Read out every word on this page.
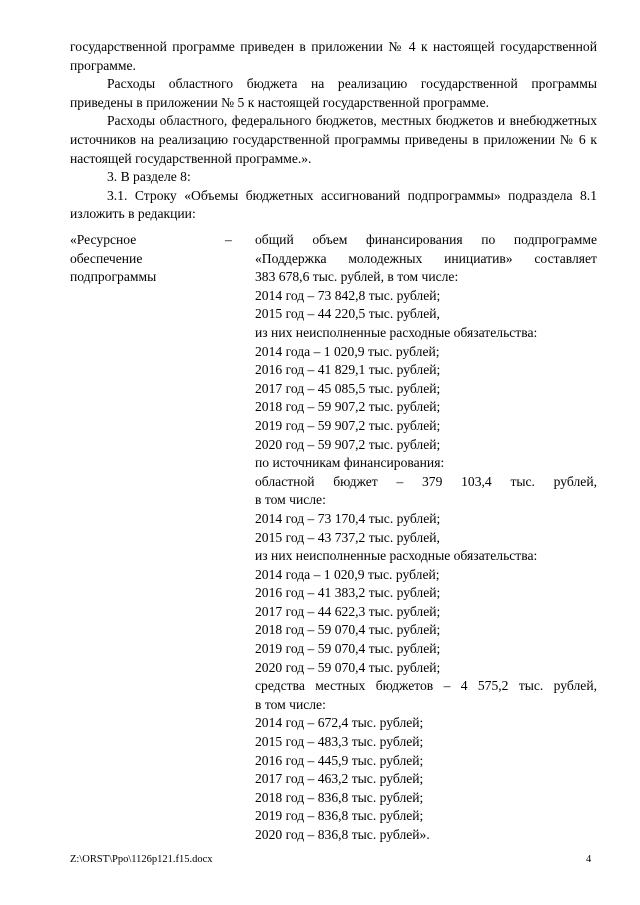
государственной программе приведен в приложении № 4 к настоящей государственной программе.

Расходы областного бюджета на реализацию государственной программы приведены в приложении № 5 к настоящей государственной программе.

Расходы областного, федерального бюджетов, местных бюджетов и внебюджетных источников на реализацию государственной программы приведены в приложении № 6 к настоящей государственной программе.».

3. В разделе 8:

3.1. Строку «Объемы бюджетных ассигнований подпрограммы» подраздела 8.1 изложить в редакции:

«Ресурсное
обеспечение
подпрограммы
– общий объем финансирования по подпрограмме
«Поддержка молодежных инициатив» составляет
383 678,6 тыс. рублей, в том числе:
2014 год – 73 842,8 тыс. рублей;
2015 год – 44 220,5 тыс. рублей,
из них неисполненные расходные обязательства:
2014 года – 1 020,9 тыс. рублей;
2016 год – 41 829,1 тыс. рублей;
2017 год – 45 085,5 тыс. рублей;
2018 год – 59 907,2 тыс. рублей;
2019 год – 59 907,2 тыс. рублей;
2020 год – 59 907,2 тыс. рублей;
по источникам финансирования:
областной бюджет – 379 103,4 тыс. рублей,
в том числе:
2014 год – 73 170,4 тыс. рублей;
2015 год – 43 737,2 тыс. рублей,
из них неисполненные расходные обязательства:
2014 года – 1 020,9 тыс. рублей;
2016 год – 41 383,2 тыс. рублей;
2017 год – 44 622,3 тыс. рублей;
2018 год – 59 070,4 тыс. рублей;
2019 год – 59 070,4 тыс. рублей;
2020 год – 59 070,4 тыс. рублей;
средства местных бюджетов – 4 575,2 тыс. рублей,
в том числе:
2014 год – 672,4 тыс. рублей;
2015 год – 483,3 тыс. рублей;
2016 год – 445,9 тыс. рублей;
2017 год – 463,2 тыс. рублей;
2018 год – 836,8 тыс. рублей;
2019 год – 836,8 тыс. рублей;
2020 год – 836,8 тыс. рублей».
Z:\ORST\Ppo\1126p121.f15.docx	4
